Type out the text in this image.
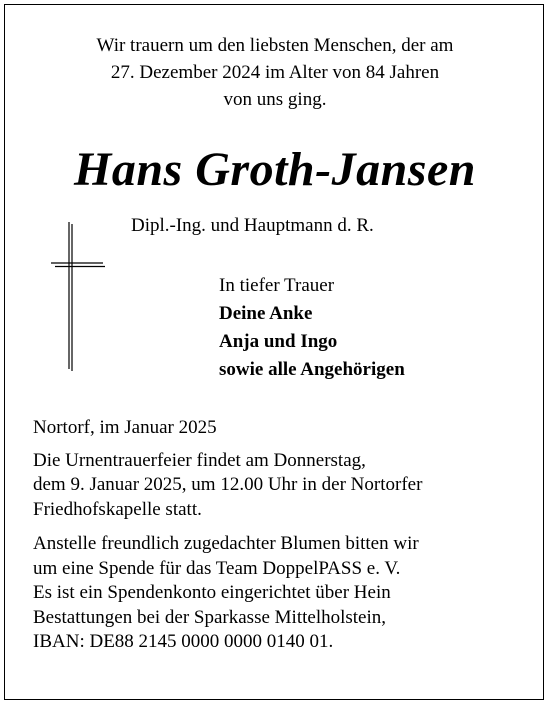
Wir trauern um den liebsten Menschen, der am
27. Dezember 2024 im Alter von 84 Jahren
von uns ging.
Hans Groth-Jansen
Dipl.-Ing. und Hauptmann d. R.
In tiefer Trauer
Deine Anke
Anja und Ingo
sowie alle Angehörigen

Nortorf, im Januar 2025

Die Urnentrauerfeier findet am Donnerstag,
dem 9. Januar 2025, um 12.00 Uhr in der Nortorfer
Friedhofskapelle statt.

Anstelle freundlich zugedachter Blumen bitten wir
um eine Spende für das Team DoppelPASS e. V.
Es ist ein Spendenkonto eingerichtet über Hein
Bestattungen bei der Sparkasse Mittelholstein,
IBAN: DE88 2145 0000 0000 0140 01.
